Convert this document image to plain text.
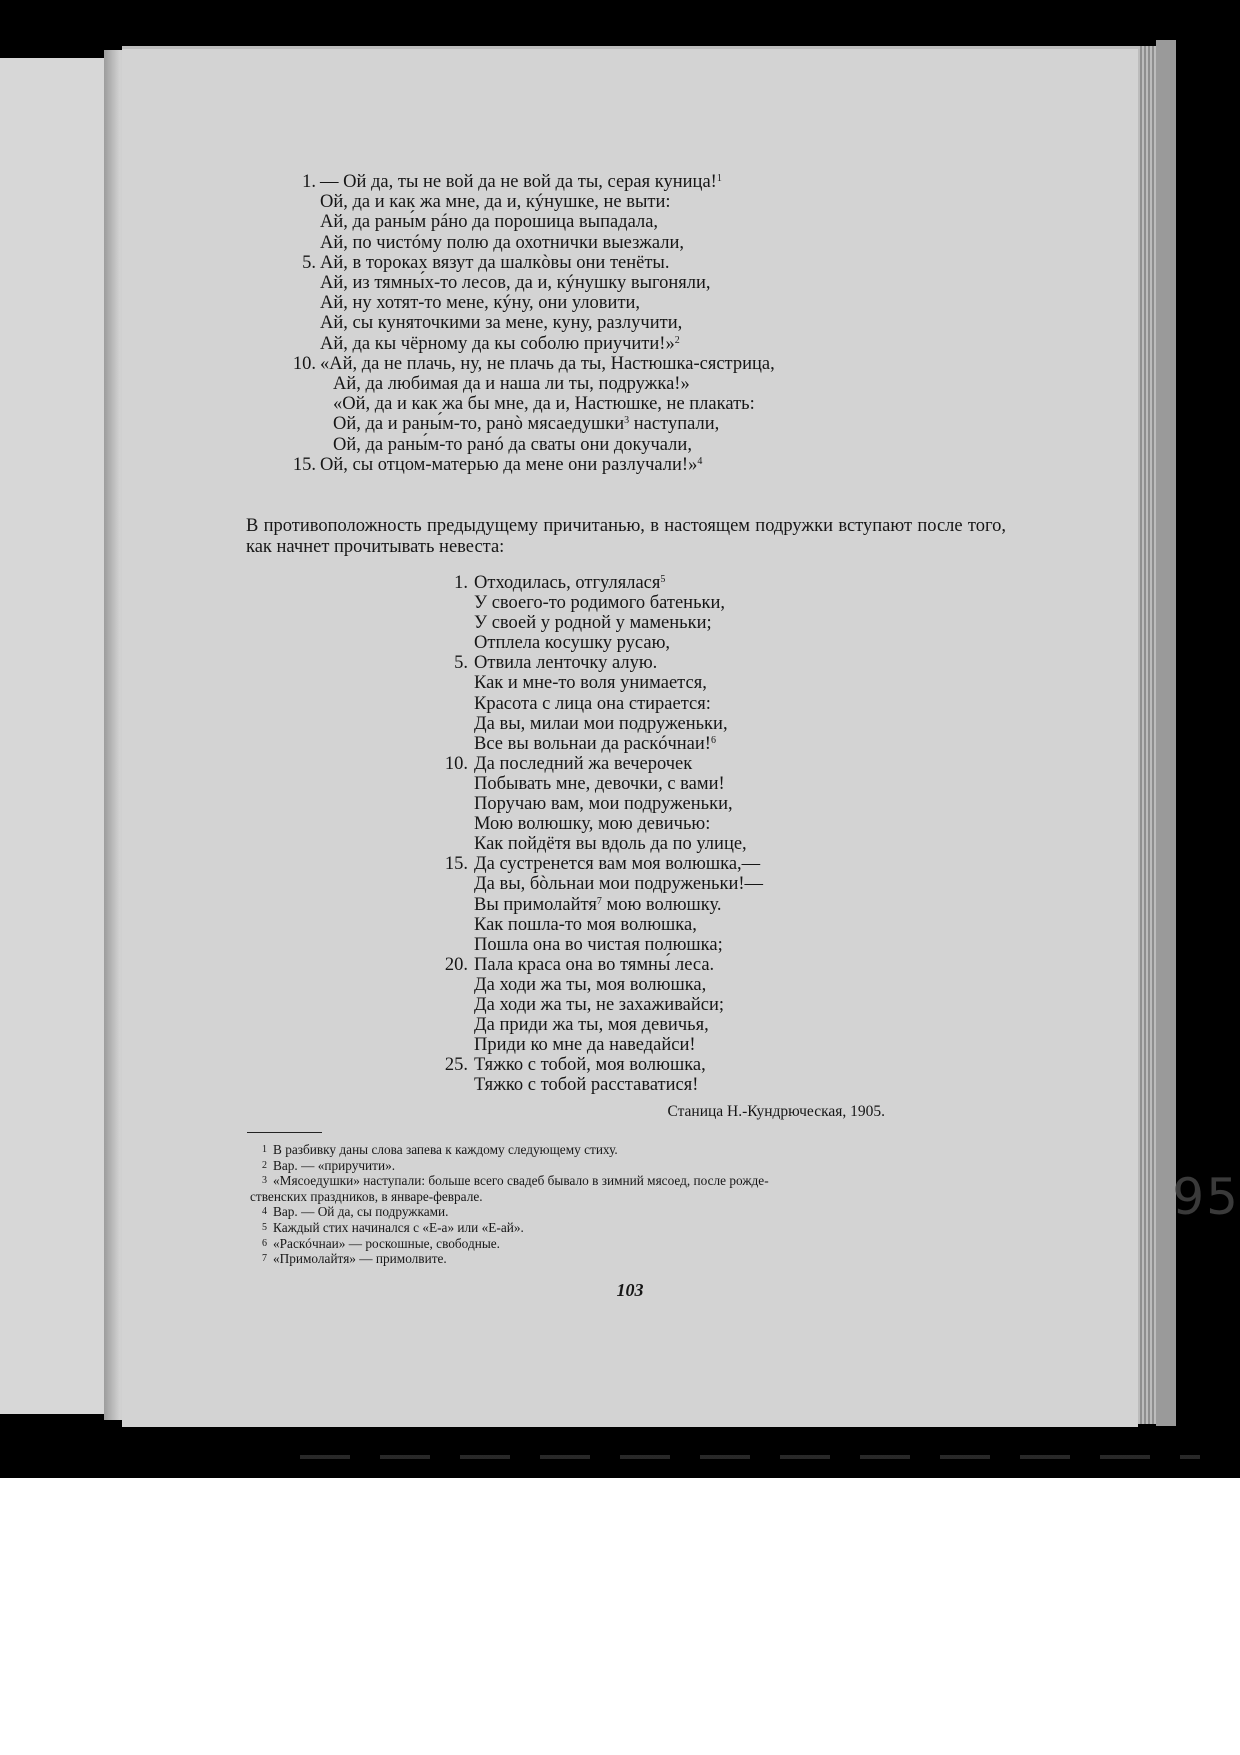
95
1. — Ой да, ты не вой да не вой да ты, серая куница!$^1$
Ой, да и как жа мне, да и, кýнушке, не выти:
Ай, да раны́м рáно да порошица выпадала,
Ай, по чистóму полю да охотнички выезжали,
5. Ай, в тороках вязут да шалкòвы они тенёты.
Ай, из тямны́х-то лесов, да и, кýнушку выгоняли,
Ай, ну хотят-то мене, кýну, они уловити,
Ай, сы куняточкими за мене, куну, разлучити,
Ай, да кы чёрному да кы соболю приучити!»$^2$
10. «Ай, да не плачь, ну, не плачь да ты, Настюшка-сястрица,
Ай, да любимая да и наша ли ты, подружка!»
«Ой, да и как жа бы мне, да и, Настюшке, не плакать:
Ой, да и раны́м-то, ранò мясаедушки$^3$ наступали,
Ой, да раны́м-то ранó да сваты они докучали,
15. Ой, сы отцом-матерью да мене они разлучали!»$^4$
В противоположность предыдущему причитанью, в настоящем подружки вступают после того, как начнет прочитывать невеста:
1. Отходилась, отгулялася$^5$
У своего-то родимого батеньки,
У своей у родной у маменьки;
Отплела косушку русаю,
5. Отвила ленточку алую.
Как и мне-то воля унимается,
Красота с лица она стирается:
Да вы, милаи мои подруженьки,
Все вы вольнаи да раскóчнаи!$^6$
10. Да последний жа вечерочек
Побывать мне, девочки, с вами!
Поручаю вам, мои подруженьки,
Мою волюшку, мою девичью:
Как пойдётя вы вдоль да по улице,
15. Да сустренется вам моя волюшка,—
Да вы, бòльнаи мои подруженьки!—
Вы примолайтя$^7$ мою волюшку.
Как пошла-то моя волюшка,
Пошла она во чистая полюшка;
20. Пала краса она во тямны́ леса.
Да ходи жа ты, моя волюшка,
Да ходи жа ты, не захаживайси;
Да приди жа ты, моя девичья,
Приди ко мне да наведайси!
25. Тяжко с тобой, моя волюшка,
Тяжко с тобой расставатися!
Станица Н.-Кундрюческая, 1905.
1 В разбивку даны слова запева к каждому следующему стиху.
2 Вар. — «приручити».
3 «Мясоедушки» наступали: больше всего свадеб бывало в зимний мясоед, после рожде-
ственских праздников, в январе-феврале.
4 Вар. — Ой да, сы подружками.
5 Каждый стих начинался с «Е-а» или «Е-ай».
6 «Раскóчнаи» — роскошные, свободные.
7 «Примолайтя» — примолвите.
103
